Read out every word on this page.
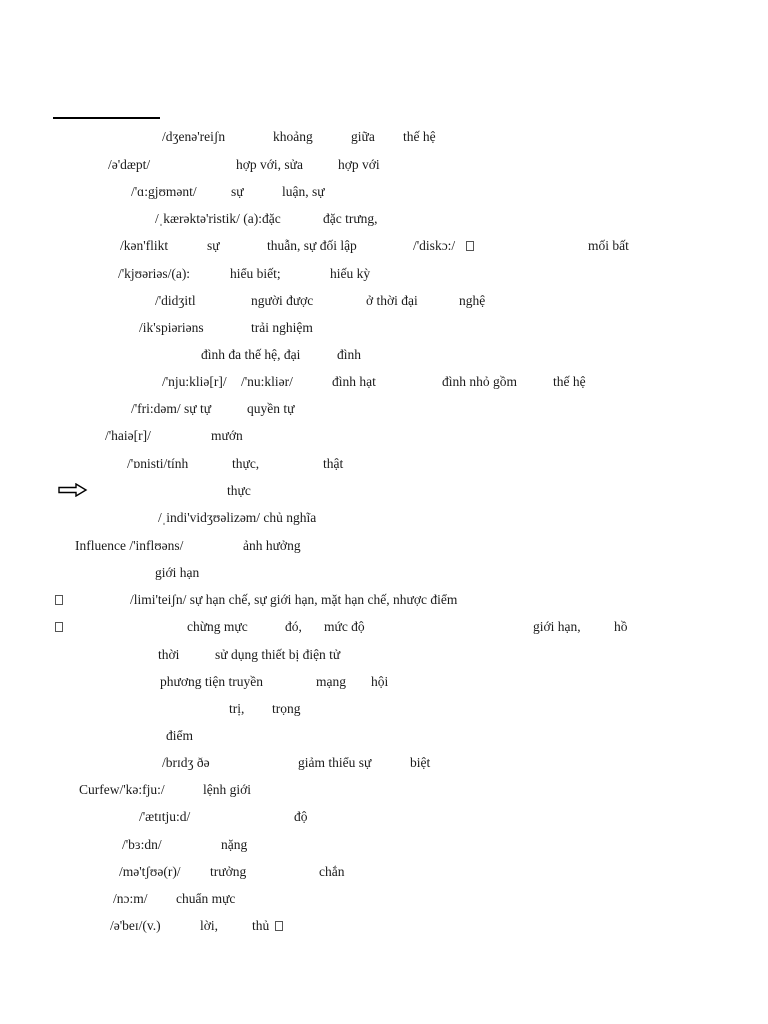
/dʒenə'reiʃn	khoảng	giữa thế hệ
/ə'dæpt/	hợp với, sửa	hợp với
/'ɑ:gjʊmənt/	sự	luận, sự
/ˌkærəktə'ristik/ (a):đặc	đặc trưng,
/kən'flikt	sự	thuẫn, sự đối lập	/'diskɔ:/	mối bất
/'kjʊəriəs/(a):	hiểu biết;	hiếu kỳ
/'didʒitl	người được	ở thời đại	nghệ
/ik'spiəriəns	trải nghiệm
đình đa thế hệ, đại	đình
/'nju:kliə[r]/ /'nu:kliər/	đình hạt	đình nhỏ gồm	thế hệ
/'fri:dəm/ sự tự	quyền tự
/'haiə[r]/	mướn
/'ɒnisti/tính	thực,	thật
thực
/ˌindi'vidʒʊəlizəm/ chủ nghĩa
Influence /'inflʊəns/	ảnh hưởng
giới hạn
/limi'teiʃn/ sự hạn chế, sự giới hạn, mặt hạn chế, nhược điểm
chừng mực	đó, mức độ	giới hạn, hồ
thời	sử dụng thiết bị điện tử
phương tiện truyền	mạng hội
trị, trọng
điểm
/brɪdʒ ðə	giảm thiểu sự	biệt
Curfew/'kə:fju:/	lệnh giới
/'ætɪtju:d/	độ
/'bɜ:dn/	nặng
/mə'tʃʊə(r)/ trưởng	chắn
/nɔ:m/ chuẩn mực
/ə'beɪ/(v.)	lời,	thủ
